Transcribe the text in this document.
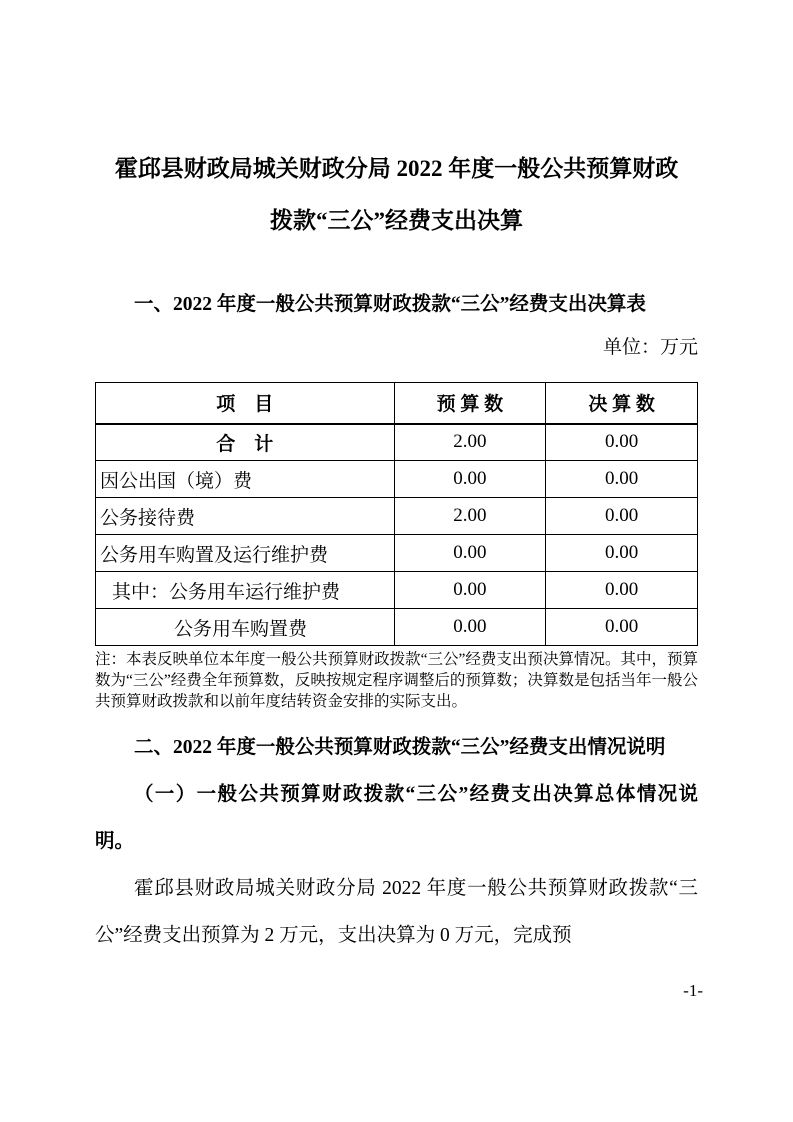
霍邱县财政局城关财政分局 2022 年度一般公共预算财政
拨款“三公”经费支出决算

一、2022 年度一般公共预算财政拨款“三公”经费支出决算表

单位：万元
项　目	预 算 数	决 算 数
合　计	2.00	0.00
因公出国（境）费	0.00	0.00
公务接待费	2.00	0.00
公务用车购置及运行维护费	0.00	0.00
其中：公务用车运行维护费	0.00	0.00
公务用车购置费	0.00	0.00

注：本表反映单位本年度一般公共预算财政拨款“三公”经费支出预决算情况。其中，预算数为“三公”经费全年预算数，反映按规定程序调整后的预算数；决算数是包括当年一般公共预算财政拨款和以前年度结转资金安排的实际支出。

二、2022 年度一般公共预算财政拨款“三公”经费支出情况说明

（一）一般公共预算财政拨款“三公”经费支出决算总体情况说明。

霍邱县财政局城关财政分局 2022 年度一般公共预算财政拨款“三公”经费支出预算为 2 万元，支出决算为 0 万元，完成预

-1-
